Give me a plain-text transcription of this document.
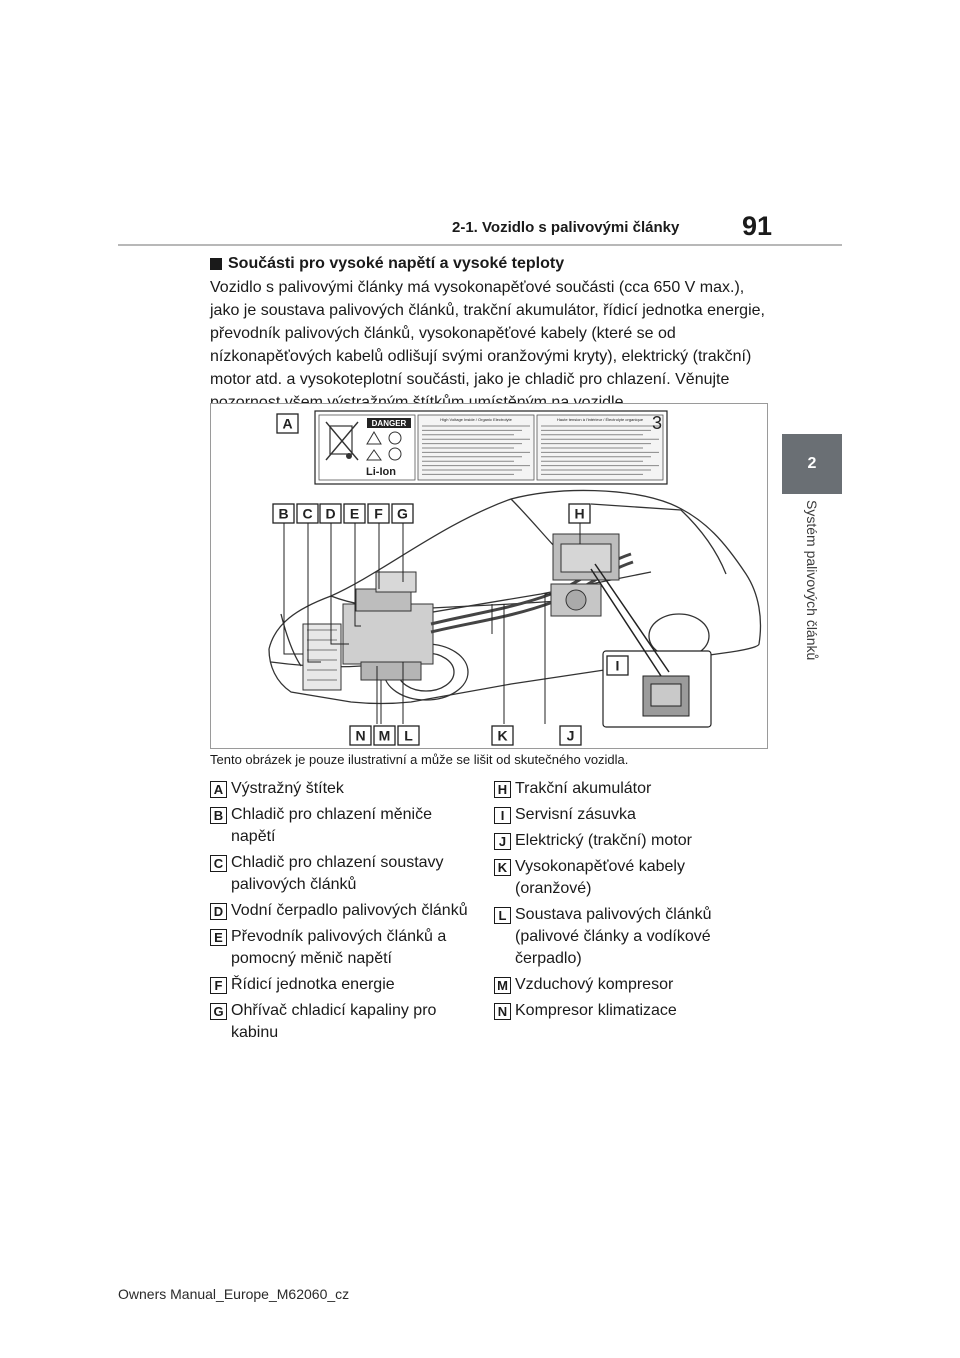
91
2-1. Vozidlo s palivovými články
2
Systém palivových článků
Součásti pro vysoké napětí a vysoké teploty

Vozidlo s palivovými články má vysokonapěťové součásti (cca 650 V max.), jako je soustava palivových článků, trakční akumulátor, řídicí jednotka energie, převodník palivových článků, vysokonapěťové kabely (které se od nízkonapěťových kabelů odlišují svými oranžovými kryty), elektrický (trakční) motor atd. a vysokoteplotní součásti, jako je chladič pro chlazení. Věnujte

DANGER
Li-Ion
High Voltage Inside / Organic Electrolyte	Haute tension à l'intérieur / Électrolyte organique 3
A
B C D E F G	H
I
J
K
L
M
N
Tento obrázek je pouze ilustrativní a může se lišit od skutečného vozidla.
A Výstražný štítek
B Chladič pro chlazení měniče napětí
C Chladič pro chlazení soustavy palivových článků
D Vodní čerpadlo palivových článků
E Převodník palivových článků a pomocný měnič napětí
F Řídicí jednotka energie
G Ohřívač chladicí kapaliny pro kabinu
H Trakční akumulátor
I Servisní zásuvka
J Elektrický (trakční) motor
K Vysokonapěťové kabely (oranžové)
L Soustava palivových článků (palivové články a vodíkové čerpadlo)
M Vzduchový kompresor
N Kompresor klimatizace
Owners Manual_Europe_M62060_cz
